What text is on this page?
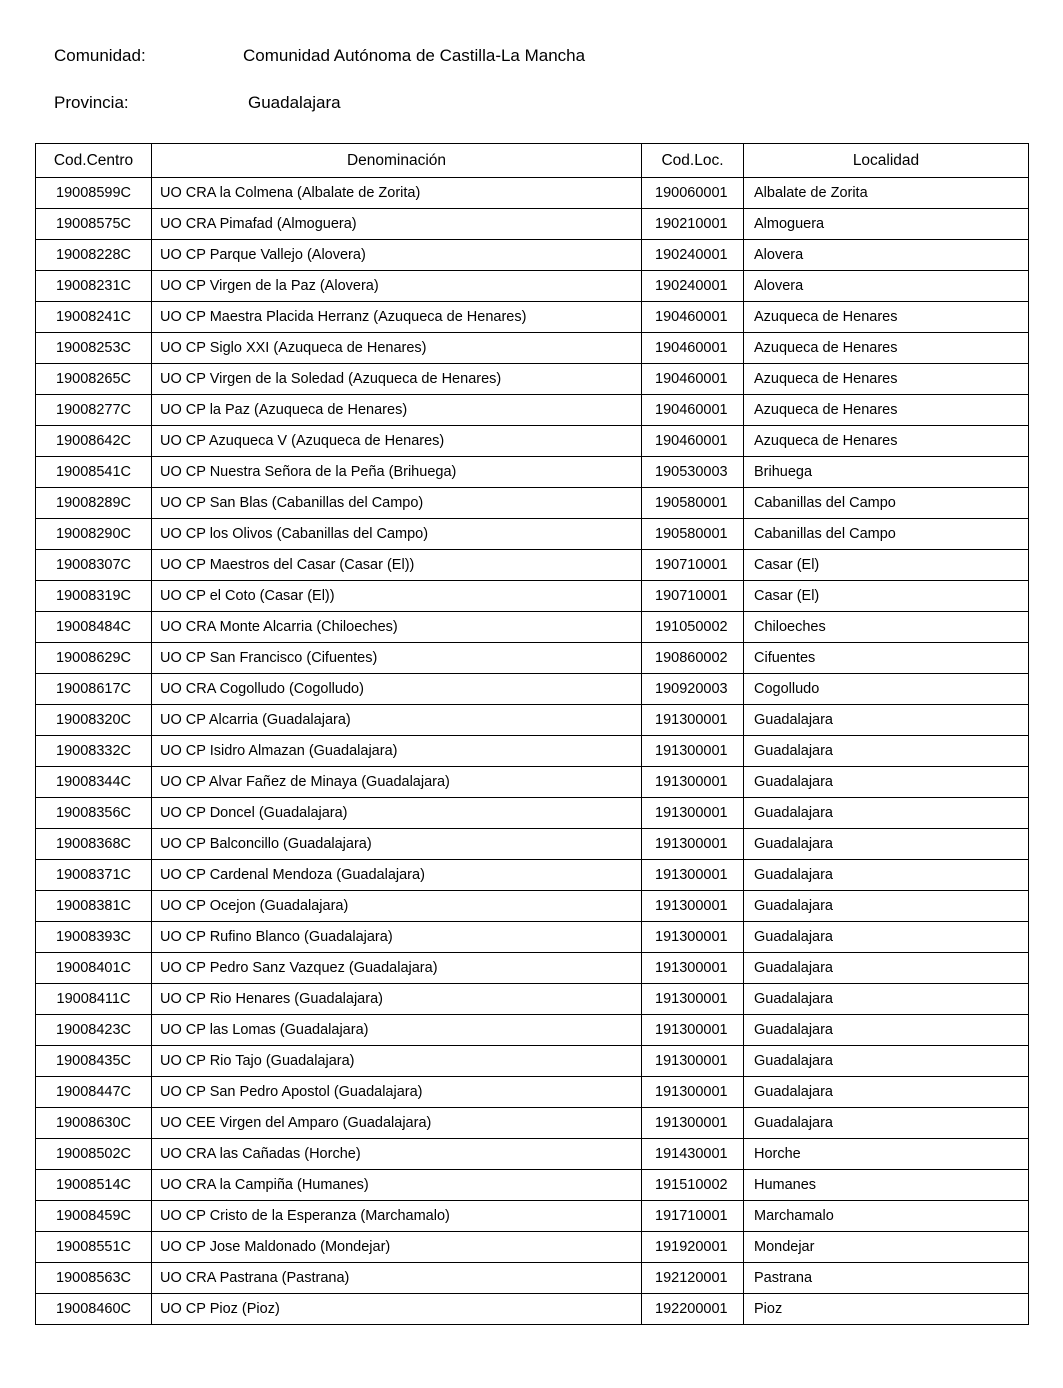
Comunidad:	Comunidad Autónoma de Castilla-La Mancha
Provincia:	Guadalajara
Cod.Centro	Denominación	Cod.Loc.	Localidad
19008599C	UO CRA la Colmena (Albalate de Zorita)	190060001	Albalate de Zorita
19008575C	UO CRA Pimafad (Almoguera)	190210001	Almoguera
19008228C	UO CP Parque Vallejo (Alovera)	190240001	Alovera
19008231C	UO CP Virgen de la Paz (Alovera)	190240001	Alovera
19008241C	UO CP Maestra Placida Herranz (Azuqueca de Henares)	190460001	Azuqueca de Henares
19008253C	UO CP Siglo XXI (Azuqueca de Henares)	190460001	Azuqueca de Henares
19008265C	UO CP Virgen de la Soledad (Azuqueca de Henares)	190460001	Azuqueca de Henares
19008277C	UO CP la Paz (Azuqueca de Henares)	190460001	Azuqueca de Henares
19008642C	UO CP Azuqueca V (Azuqueca de Henares)	190460001	Azuqueca de Henares
19008541C	UO CP Nuestra Señora de la Peña (Brihuega)	190530003	Brihuega
19008289C	UO CP San Blas (Cabanillas del Campo)	190580001	Cabanillas del Campo
19008290C	UO CP los Olivos (Cabanillas del Campo)	190580001	Cabanillas del Campo
19008307C	UO CP Maestros del Casar (Casar (El))	190710001	Casar (El)
19008319C	UO CP el Coto (Casar (El))	190710001	Casar (El)
19008484C	UO CRA Monte Alcarria (Chiloeches)	191050002	Chiloeches
19008629C	UO CP San Francisco (Cifuentes)	190860002	Cifuentes
19008617C	UO CRA Cogolludo (Cogolludo)	190920003	Cogolludo
19008320C	UO CP Alcarria (Guadalajara)	191300001	Guadalajara
19008332C	UO CP Isidro Almazan (Guadalajara)	191300001	Guadalajara
19008344C	UO CP Alvar Fañez de Minaya (Guadalajara)	191300001	Guadalajara
19008356C	UO CP Doncel (Guadalajara)	191300001	Guadalajara
19008368C	UO CP Balconcillo (Guadalajara)	191300001	Guadalajara
19008371C	UO CP Cardenal Mendoza (Guadalajara)	191300001	Guadalajara
19008381C	UO CP Ocejon (Guadalajara)	191300001	Guadalajara
19008393C	UO CP Rufino Blanco (Guadalajara)	191300001	Guadalajara
19008401C	UO CP Pedro Sanz Vazquez (Guadalajara)	191300001	Guadalajara
19008411C	UO CP Rio Henares (Guadalajara)	191300001	Guadalajara
19008423C	UO CP las Lomas (Guadalajara)	191300001	Guadalajara
19008435C	UO CP Rio Tajo (Guadalajara)	191300001	Guadalajara
19008447C	UO CP San Pedro Apostol (Guadalajara)	191300001	Guadalajara
19008630C	UO CEE Virgen del Amparo (Guadalajara)	191300001	Guadalajara
19008502C	UO CRA las Cañadas (Horche)	191430001	Horche
19008514C	UO CRA la Campiña (Humanes)	191510002	Humanes
19008459C	UO CP Cristo de la Esperanza (Marchamalo)	191710001	Marchamalo
19008551C	UO CP Jose Maldonado (Mondejar)	191920001	Mondejar
19008563C	UO CRA Pastrana (Pastrana)	192120001	Pastrana
19008460C	UO CP Pioz (Pioz)	192200001	Pioz
